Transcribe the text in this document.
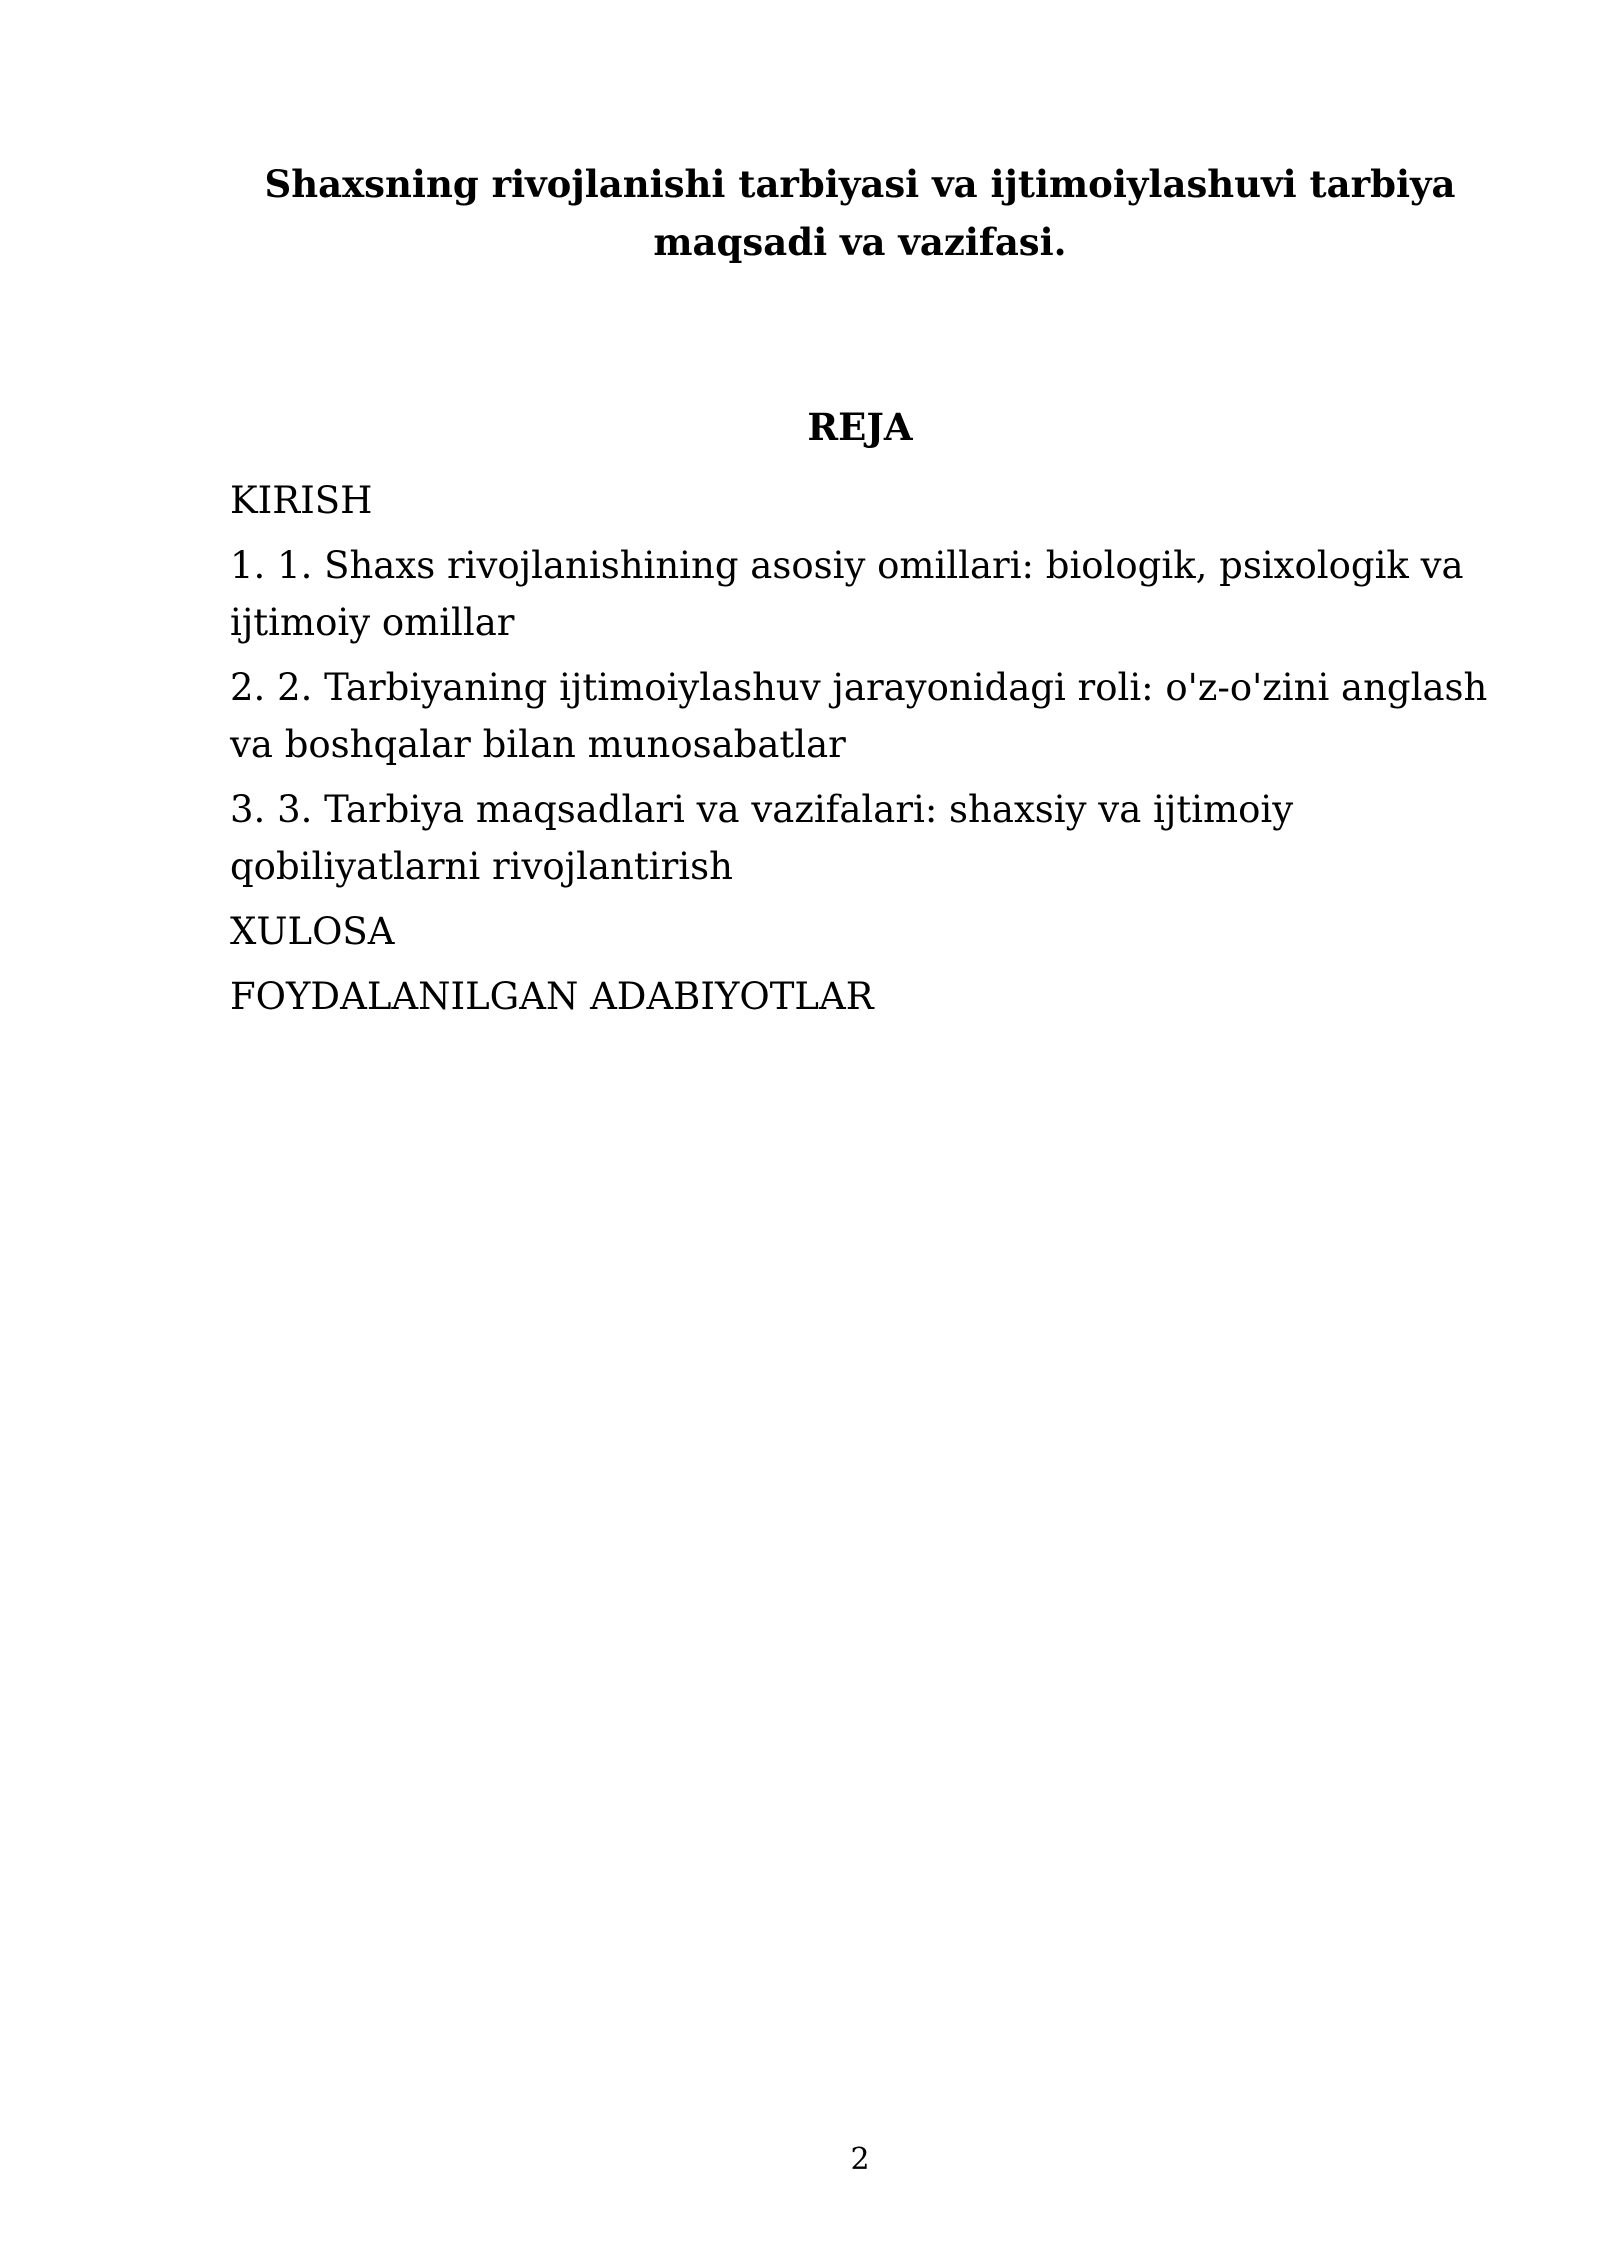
Shaxsning rivojlanishi tarbiyasi va ijtimoiylashuvi tarbiya maqsadi va vazifasi.
REJA
KIRISH
1. 1. Shaxs rivojlanishining asosiy omillari: biologik, psixologik va ijtimoiy omillar
2. 2. Tarbiyaning ijtimoiylashuv jarayonidagi roli: o'z-o'zini anglash va boshqalar bilan munosabatlar
3. 3. Tarbiya maqsadlari va vazifalari: shaxsiy va ijtimoiy qobiliyatlarni rivojlantirish
XULOSA
FOYDALANILGAN ADABIYOTLAR
2
